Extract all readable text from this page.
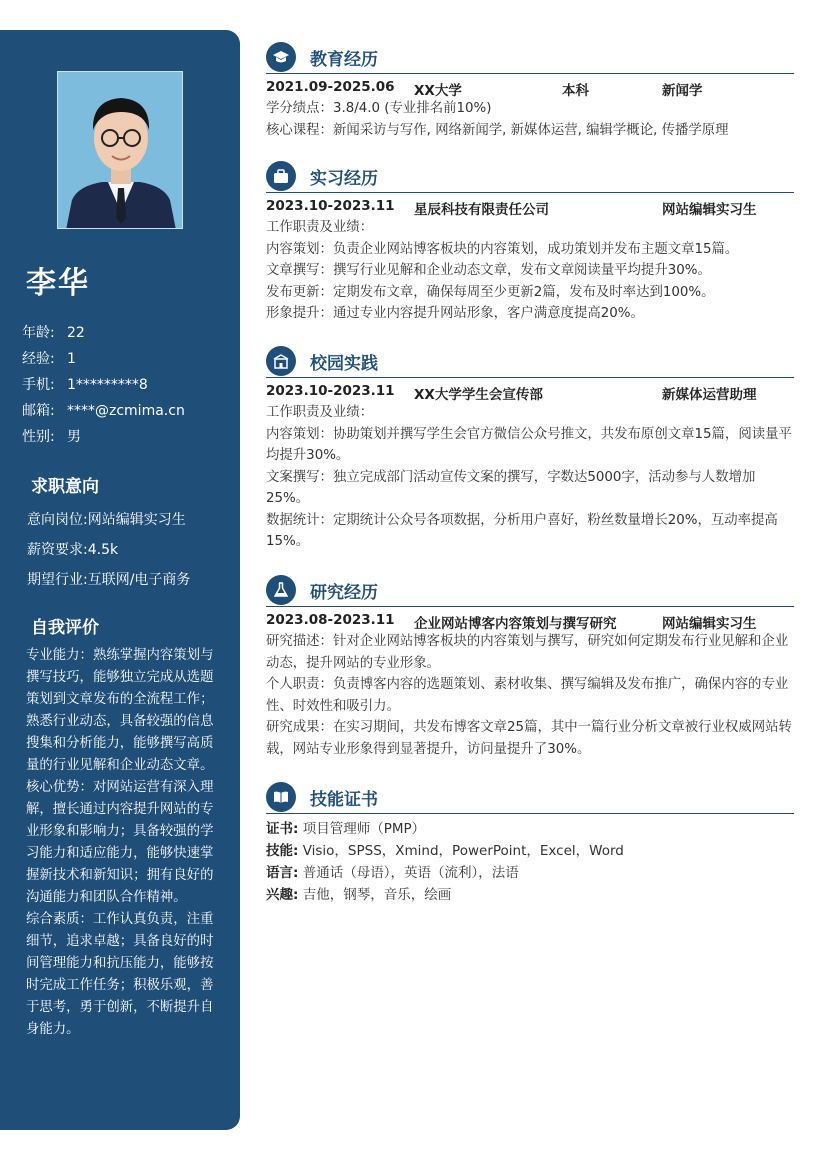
李华
年龄: 22
经验: 1
手机: 1*********8
邮箱: ****@zcmima.cn
性别: 男
求职意向
意向岗位:网站编辑实习生
薪资要求:4.5k
期望行业:互联网/电子商务
自我评价

专业能力：熟练掌握内容策划与撰写技巧，能够独立完成从选题策划到文章发布的全流程工作；熟悉行业动态，具备较强的信息搜集和分析能力，能够撰写高质量的行业见解和企业动态文章。

核心优势：对网站运营有深入理解，擅长通过内容提升网站的专业形象和影响力；具备较强的学习能力和适应能力，能够快速掌握新技术和新知识；拥有良好的沟通能力和团队合作精神。

综合素质：工作认真负责，注重细节，追求卓越；具备良好的时间管理能力和抗压能力，能够按时完成工作任务；积极乐观，善于思考，勇于创新，不断提升自身能力。

教育经历
2021.09-2025.06 XX大学	本科	新闻学
学分绩点：3.8/4.0 (专业排名前10%)
核心课程：新闻采访与写作, 网络新闻学, 新媒体运营, 编辑学概论, 传播学原理
实习经历
2023.10-2023.11 星辰科技有限责任公司	网站编辑实习生
工作职责及业绩：
内容策划：负责企业网站博客板块的内容策划，成功策划并发布主题文章15篇。
文章撰写：撰写行业见解和企业动态文章，发布文章阅读量平均提升30%。
发布更新：定期发布文章，确保每周至少更新2篇，发布及时率达到100%。
形象提升：通过专业内容提升网站形象，客户满意度提高20%。
校园实践
2023.10-2023.11 XX大学学生会宣传部	新媒体运营助理
工作职责及业绩：
内容策划：协助策划并撰写学生会官方微信公众号推文，共发布原创文章15篇，阅读量平均提升30%。
文案撰写：独立完成部门活动宣传文案的撰写，字数达5000字，活动参与人数增加25%。
数据统计：定期统计公众号各项数据，分析用户喜好，粉丝数量增长20%，互动率提高15%。
研究经历
2023.08-2023.11 企业网站博客内容策划与撰写研究	网站编辑实习生
研究描述：针对企业网站博客板块的内容策划与撰写，研究如何定期发布行业见解和企业动态，提升网站的专业形象。
个人职责：负责博客内容的选题策划、素材收集、撰写编辑及发布推广，确保内容的专业性、时效性和吸引力。
研究成果：在实习期间，共发布博客文章25篇，其中一篇行业分析文章被行业权威网站转载，网站专业形象得到显著提升，访问量提升了30%。
技能证书
证书: 项目管理师（PMP）
技能: Visio，SPSS，Xmind，PowerPoint，Excel，Word
语言: 普通话（母语），英语（流利），法语
兴趣: 吉他，钢琴，音乐，绘画
